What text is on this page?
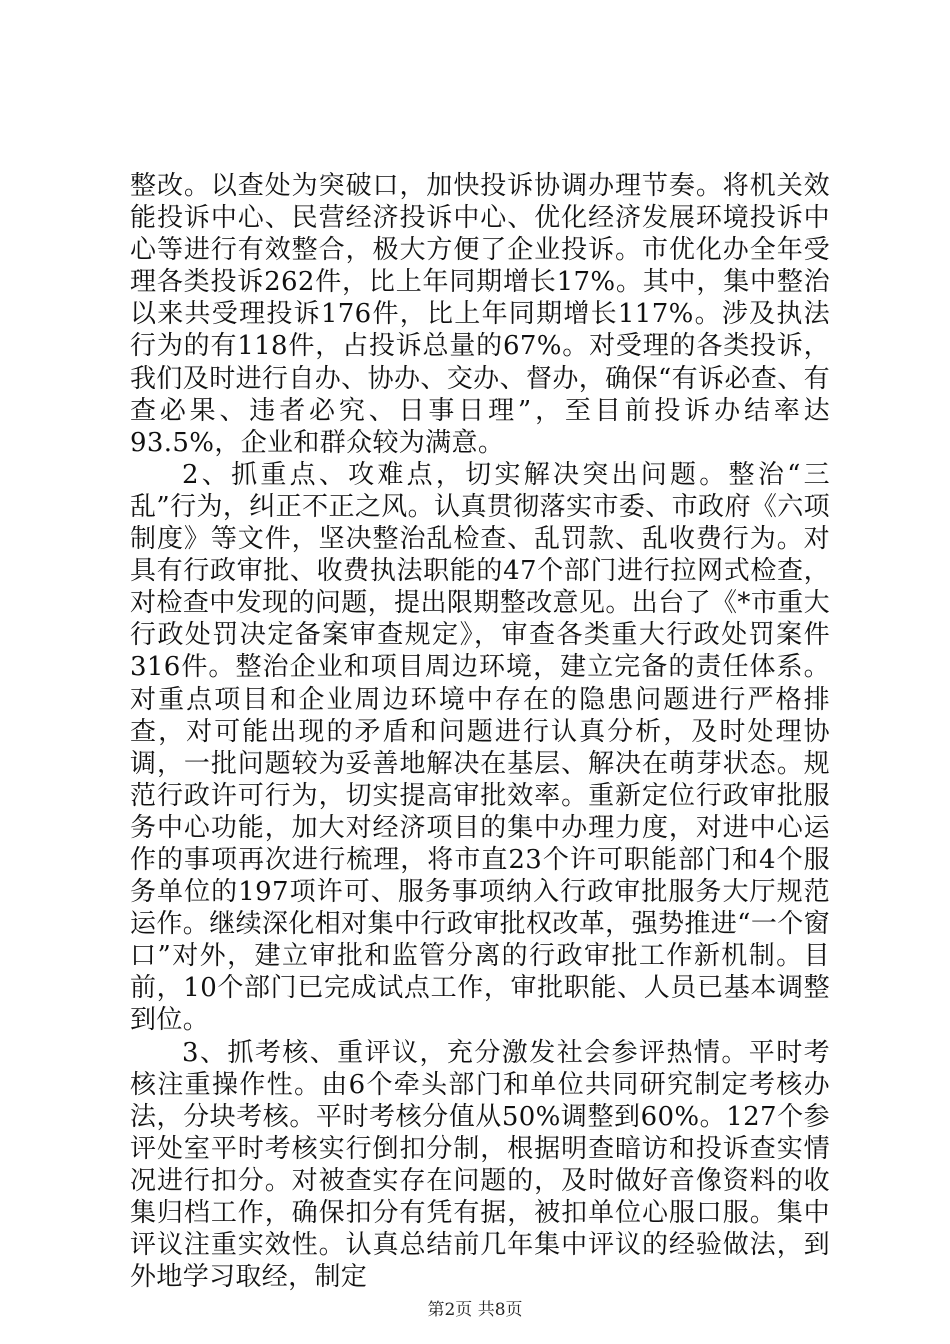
整改。以查处为突破口，加快投诉协调办理节奏。将机关效能投诉中心、民营经济投诉中心、优化经济发展环境投诉中心等进行有效整合，极大方便了企业投诉。市优化办全年受理各类投诉262件，比上年同期增长17%。其中，集中整治以来共受理投诉176件，比上年同期增长117%。涉及执法行为的有118件，占投诉总量的67%。对受理的各类投诉，我们及时进行自办、协办、交办、督办，确保“有诉必查、有查必果、违者必究、日事日理”，至目前投诉办结率达93.5%，企业和群众较为满意。

2、抓重点、攻难点，切实解决突出问题。整治“三乱”行为，纠正不正之风。认真贯彻落实市委、市政府《六项制度》等文件，坚决整治乱检查、乱罚款、乱收费行为。对具有行政审批、收费执法职能的47个部门进行拉网式检查，对检查中发现的问题，提出限期整改意见。出台了《*市重大行政处罚决定备案审查规定》，审查各类重大行政处罚案件316件。整治企业和项目周边环境，建立完备的责任体系。对重点项目和企业周边环境中存在的隐患问题进行严格排查，对可能出现的矛盾和问题进行认真分析，及时处理协调，一批问题较为妥善地解决在基层、解决在萌芽状态。规范行政许可行为，切实提高审批效率。重新定位行政审批服务中心功能，加大对经济项目的集中办理力度，对进中心运作的事项再次进行梳理，将市直23个许可职能部门和4个服务单位的197项许可、服务事项纳入行政审批服务大厅规范运作。继续深化相对集中行政审批权改革，强势推进“一个窗口”对外，建立审批和监管分离的行政审批工作新机制。目前，10个部门已完成试点工作，审批职能、人员已基本调整到位。

3、抓考核、重评议，充分激发社会参评热情。平时考核注重操作性。由6个牵头部门和单位共同研究制定考核办法，分块考核。平时考核分值从50%调整到60%。127个参评处室平时考核实行倒扣分制，根据明查暗访和投诉查实情况进行扣分。对被查实存在问题的，及时做好音像资料的收集归档工作，确保扣分有凭有据，被扣单位心服口服。集中评议注重实效性。认真总结前几年集中评议的经验做法，到外地学习取经，制定

第2页 共8页
